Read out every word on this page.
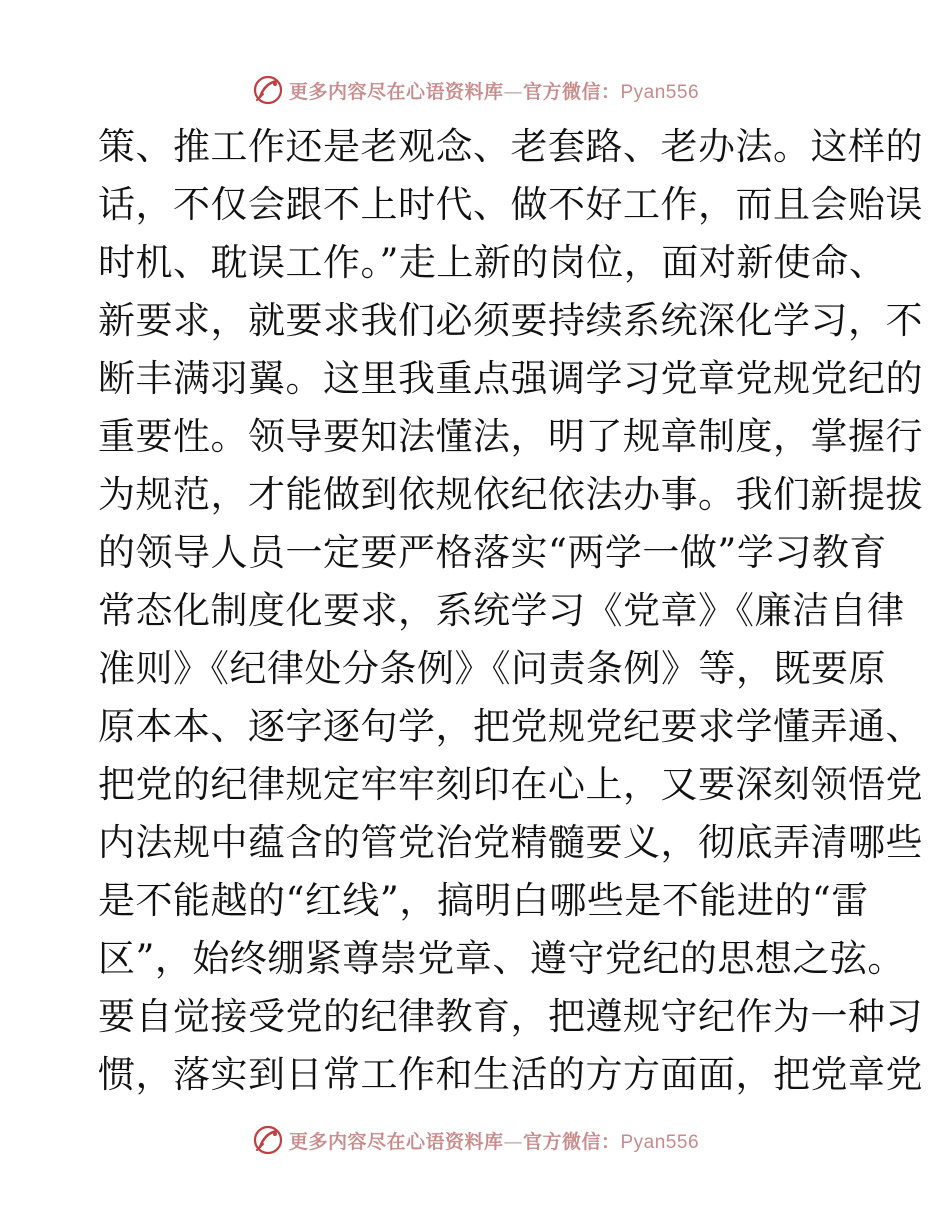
更多内容尽在心语资料库—官方微信：Pyan556
策、推工作还是老观念、老套路、老办法。这样的
话，不仅会跟不上时代、做不好工作，而且会贻误
时机、耽误工作。”走上新的岗位，面对新使命、
新要求，就要求我们必须要持续系统深化学习，不
断丰满羽翼。这里我重点强调学习党章党规党纪的
重要性。领导要知法懂法，明了规章制度，掌握行
为规范，才能做到依规依纪依法办事。我们新提拔
的领导人员一定要严格落实“两学一做”学习教育
常态化制度化要求，系统学习《党章》《廉洁自律
准则》《纪律处分条例》《问责条例》等，既要原
原本本、逐字逐句学，把党规党纪要求学懂弄通、
把党的纪律规定牢牢刻印在心上，又要深刻领悟党
内法规中蕴含的管党治党精髓要义，彻底弄清哪些
是不能越的“红线”，搞明白哪些是不能进的“雷
区”，始终绷紧尊崇党章、遵守党纪的思想之弦。
要自觉接受党的纪律教育，把遵规守纪作为一种习
惯，落实到日常工作和生活的方方面面，把党章党
更多内容尽在心语资料库—官方微信：Pyan556
